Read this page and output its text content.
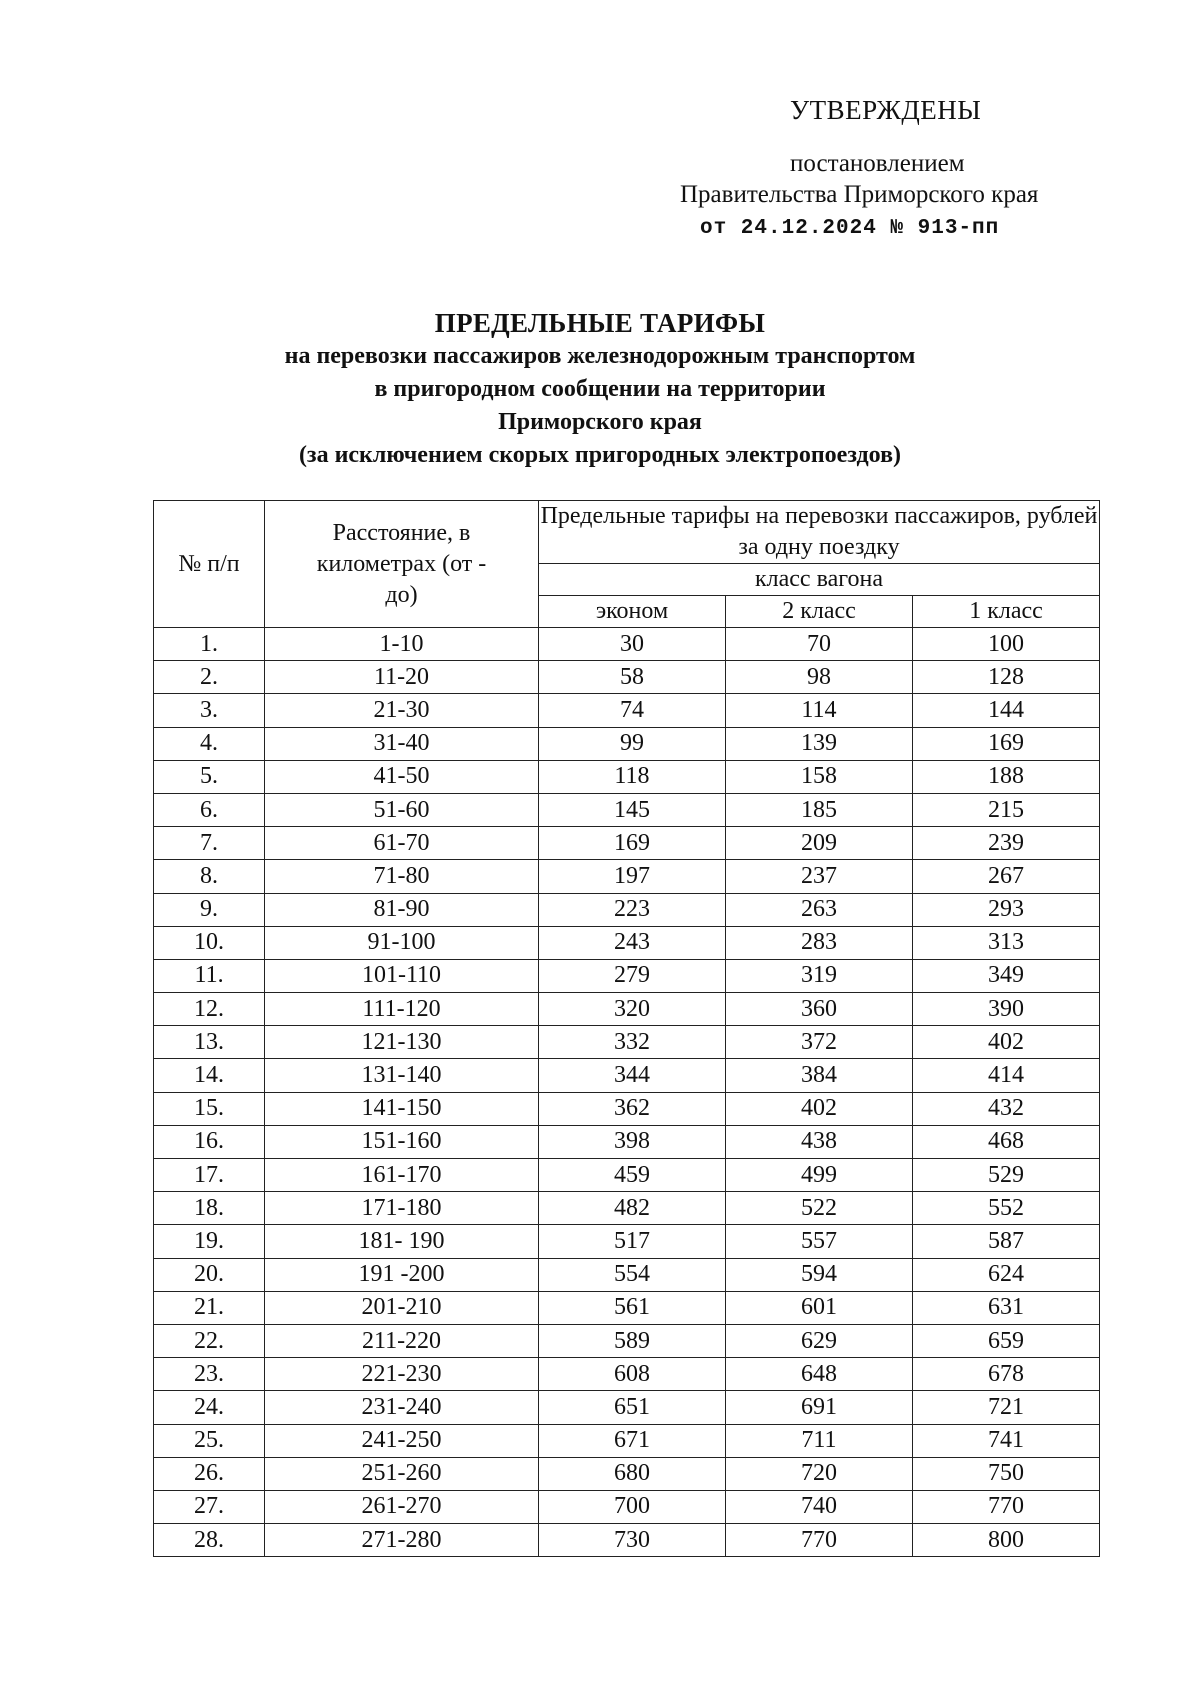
УТВЕРЖДЕНЫ
постановлением
Правительства Приморского края
от 24.12.2024 № 913-пп
ПРЕДЕЛЬНЫЕ ТАРИФЫ
на перевозки пассажиров железнодорожным транспортом
в пригородном сообщении на территории
Приморского края
(за исключением скорых пригородных электропоездов)
№ п/п	Расстояние, в километрах (от - до)	Предельные тарифы на перевозки пассажиров, рублей за одну поездку		

		класс вагона		
		эконом	2 класс	1 класс
1.	1-10	30	70	100
2.	11-20	58	98	128
3.	21-30	74	114	144
4.	31-40	99	139	169
5.	41-50	118	158	188
6.	51-60	145	185	215
7.	61-70	169	209	239
8.	71-80	197	237	267
9.	81-90	223	263	293
10.	91-100	243	283	313
11.	101-110	279	319	349
12.	111-120	320	360	390
13.	121-130	332	372	402
14.	131-140	344	384	414
15.	141-150	362	402	432
16.	151-160	398	438	468
17.	161-170	459	499	529
18.	171-180	482	522	552
19.	181- 190	517	557	587
20.	191 -200	554	594	624
21.	201-210	561	601	631
22.	211-220	589	629	659
23.	221-230	608	648	678
24.	231-240	651	691	721
25.	241-250	671	711	741
26.	251-260	680	720	750
27.	261-270	700	740	770
28.	271-280	730	770	800
